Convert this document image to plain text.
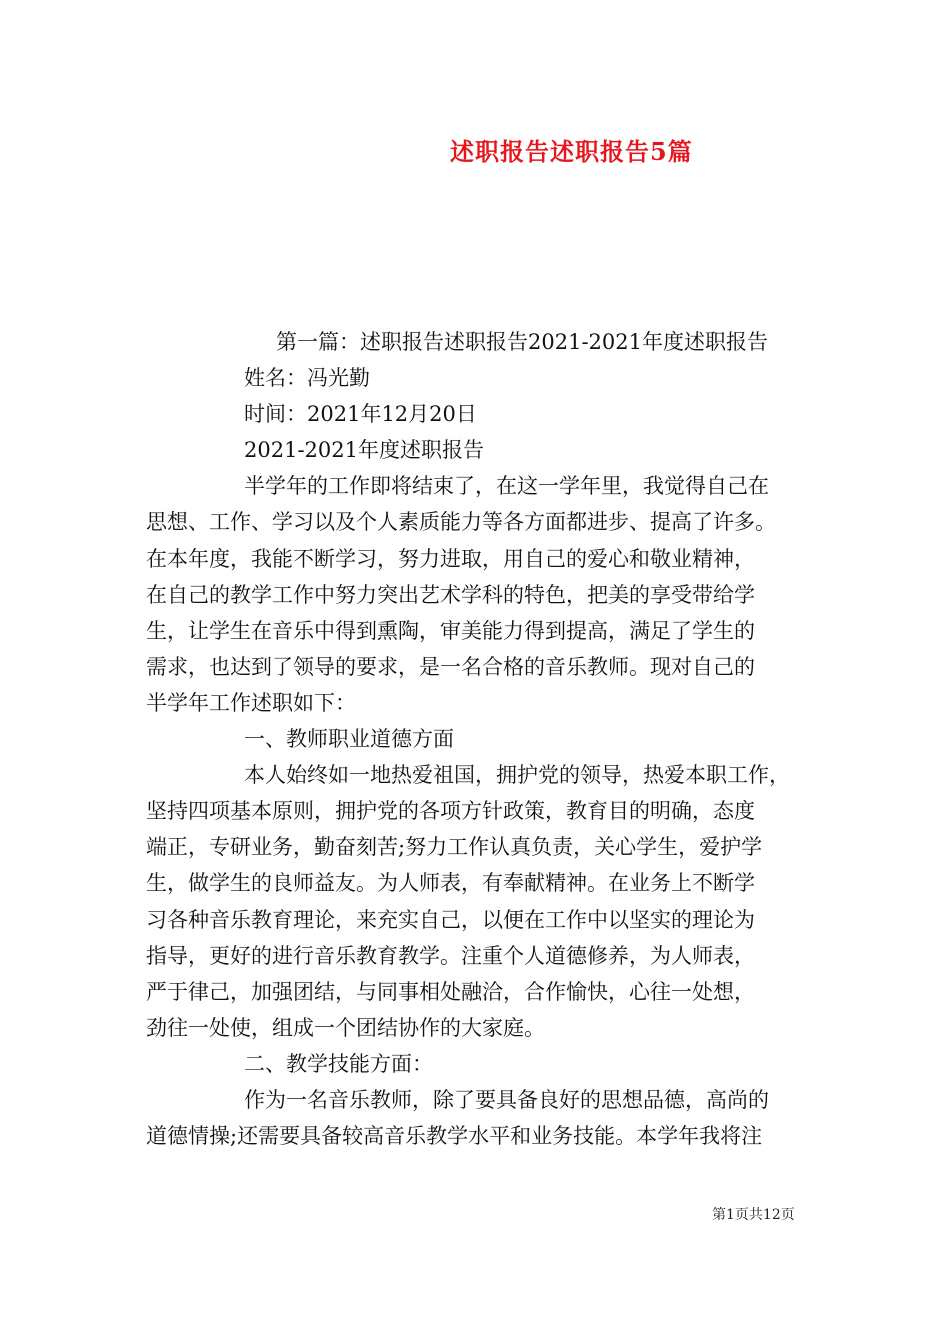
述职报告述职报告5篇
第一篇：述职报告述职报告2021-2021年度述职报告
姓名：冯光勤
时间：2021年12月20日
2021-2021年度述职报告
半学年的工作即将结束了，在这一学年里，我觉得自己在
思想、工作、学习以及个人素质能力等各方面都进步、提高了许多。
在本年度，我能不断学习，努力进取，用自己的爱心和敬业精神，
在自己的教学工作中努力突出艺术学科的特色，把美的享受带给学
生，让学生在音乐中得到熏陶，审美能力得到提高，满足了学生的
需求，也达到了领导的要求，是一名合格的音乐教师。现对自己的
半学年工作述职如下：
一、教师职业道德方面
本人始终如一地热爱祖国，拥护党的领导，热爱本职工作，
坚持四项基本原则，拥护党的各项方针政策，教育目的明确，态度
端正，专研业务，勤奋刻苦;努力工作认真负责，关心学生，爱护学
生，做学生的良师益友。为人师表，有奉献精神。在业务上不断学
习各种音乐教育理论，来充实自己，以便在工作中以坚实的理论为
指导，更好的进行音乐教育教学。注重个人道德修养，为人师表，
严于律己，加强团结，与同事相处融洽，合作愉快，心往一处想，
劲往一处使，组成一个团结协作的大家庭。
二、教学技能方面：
作为一名音乐教师，除了要具备良好的思想品德，高尚的
道德情操;还需要具备较高音乐教学水平和业务技能。本学年我将注
第1页共12页
